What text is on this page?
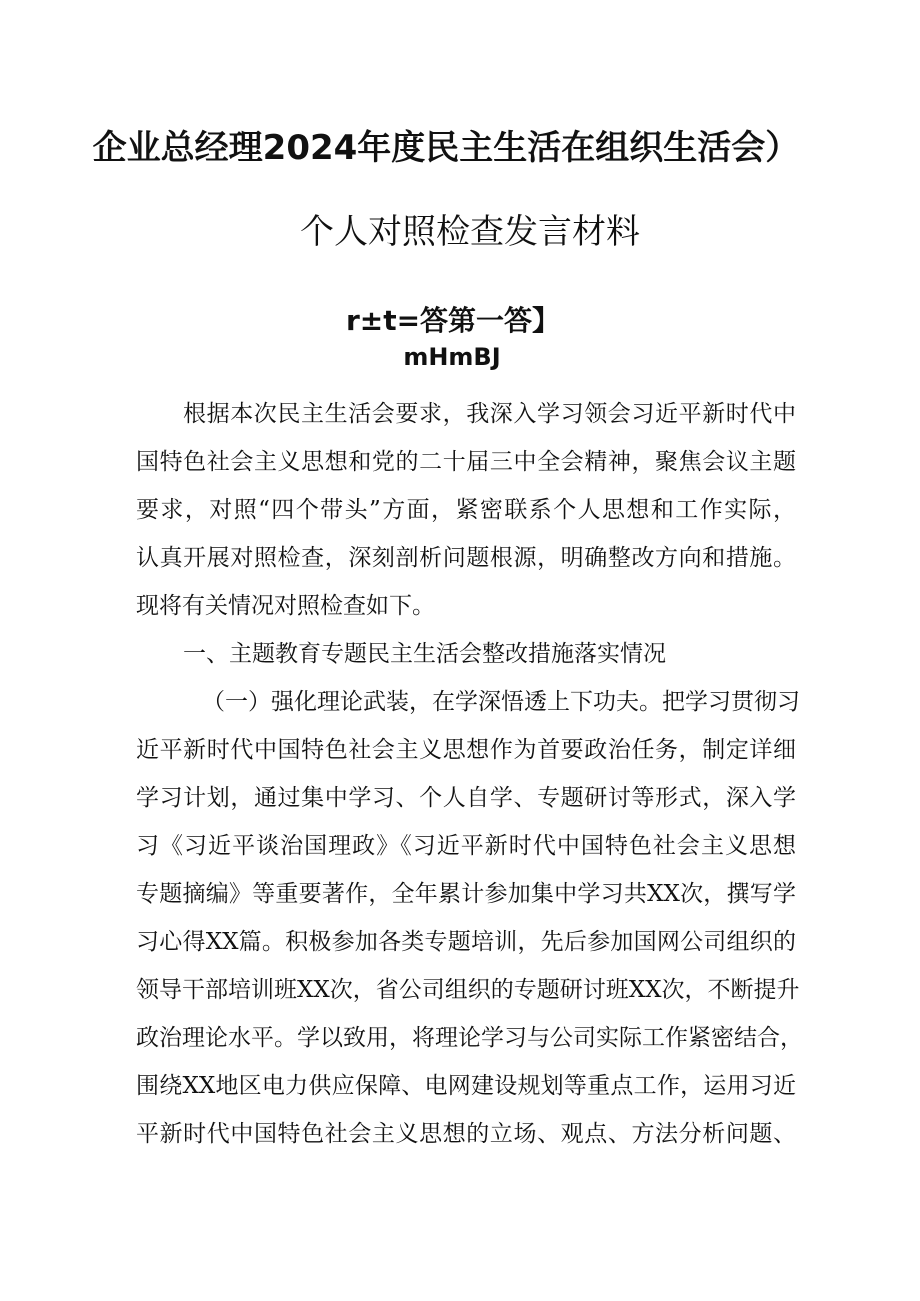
企业总经理2024年度民主生活在组织生活会）
个人对照检查发言材料
r±t=答第一答】
mHmBJ
根据本次民主生活会要求，我深入学习领会习近平新时代中
国特色社会主义思想和党的二十届三中全会精神，聚焦会议主题
要求，对照“四个带头”方面，紧密联系个人思想和工作实际，
认真开展对照检查，深刻剖析问题根源，明确整改方向和措施。
现将有关情况对照检查如下。
一、主题教育专题民主生活会整改措施落实情况
（一）强化理论武装，在学深悟透上下功夫。把学习贯彻习
近平新时代中国特色社会主义思想作为首要政治任务，制定详细
学习计划，通过集中学习、个人自学、专题研讨等形式，深入学
习《习近平谈治国理政》《习近平新时代中国特色社会主义思想
专题摘编》等重要著作，全年累计参加集中学习共XX次，撰写学
习心得XX篇。积极参加各类专题培训，先后参加国网公司组织的
领导干部培训班XX次，省公司组织的专题研讨班XX次，不断提升
政治理论水平。学以致用，将理论学习与公司实际工作紧密结合，
围绕XX地区电力供应保障、电网建设规划等重点工作，运用习近
平新时代中国特色社会主义思想的立场、观点、方法分析问题、
